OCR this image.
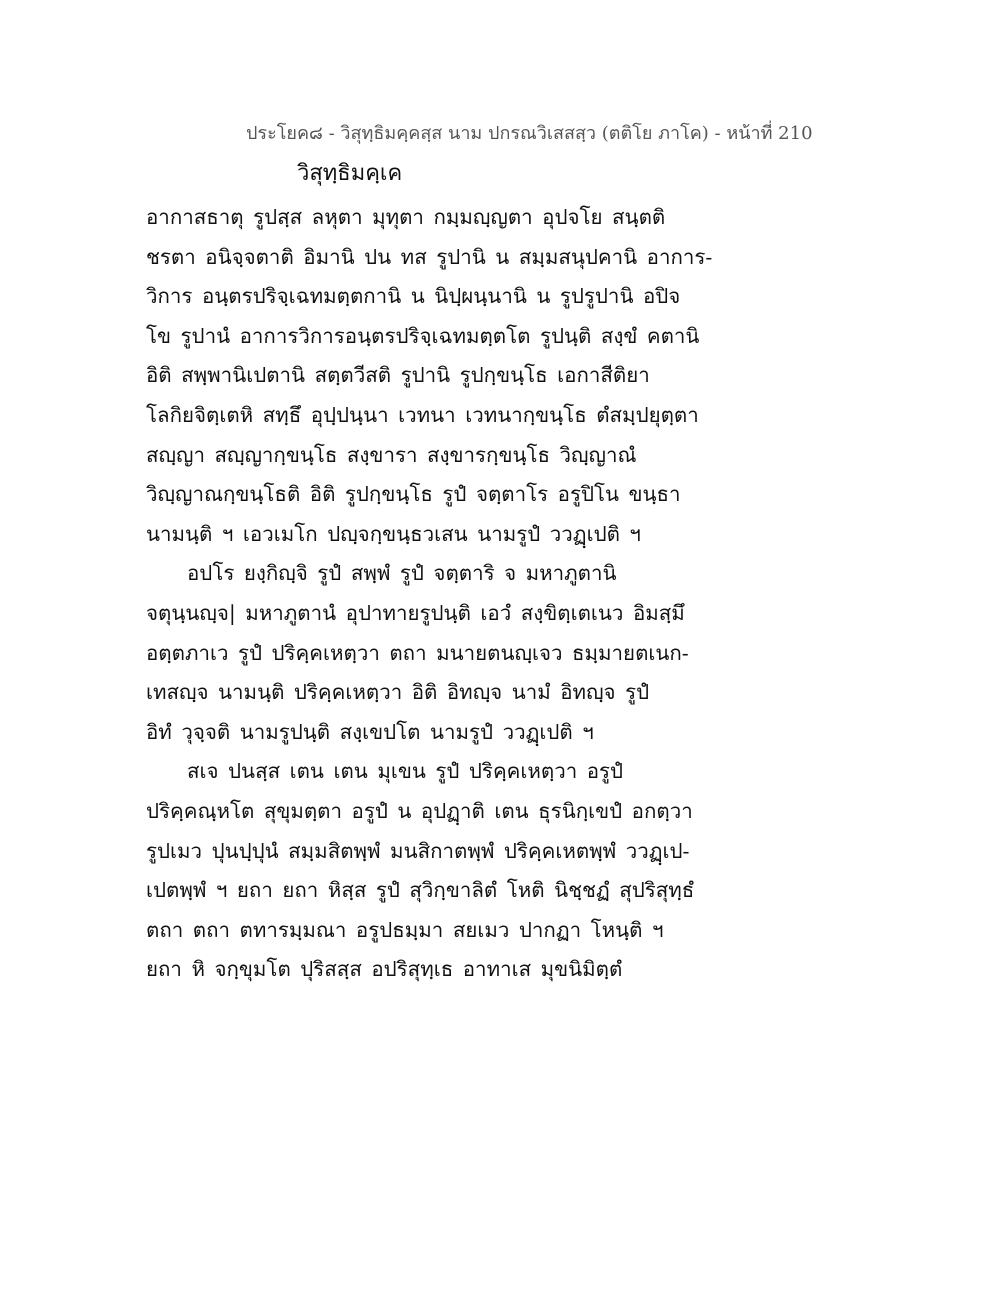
ประโยค๘ - วิสุทฺธิมคฺคสฺส นาม ปกรณวิเสสสฺว (ตติโย ภาโค) - หน้าที่ 210
วิสุทฺธิมคฺเค
อากาสธาตุ รูปสฺส ลหุตา มุทุตา กมฺมญฺญตา อุปจโย สนฺตติ
ชรตา อนิจฺจตาติ อิมานิ ปน ทส รูปานิ น สมฺมสนุปคานิ อาการ-
วิการ อนฺตรปริจฺเฉทมตฺตกานิ น นิปฺผนฺนานิ น รูปรูปานิ อปิจ
โข รูปานํ อาการวิการอนฺตรปริจฺเฉทมตฺตโต รูปนฺติ สงฺขํ คตานิ
อิติ สพฺพานิเปตานิ สตฺตวีสติ รูปานิ รูปกฺขนฺโธ เอกาสีติยา
โลกิยจิตฺเตหิ สทฺธึ อุปฺปนฺนา เวทนา เวทนากฺขนฺโธ ตํสมฺปยุตฺตา
สญฺญา สญฺญากฺขนฺโธ สงฺขารา สงฺขารกฺขนฺโธ วิญฺญาณํ
วิญฺญาณกฺขนฺโธติ อิติ รูปกฺขนฺโธ รูปํ จตฺตาโร อรูปิโน ขนฺธา
นามนฺติ ฯ เอวเมโก ปญฺจกฺขนฺธวเสน นามรูปํ ววฏฺเปติ ฯ
อปโร ยงฺกิญฺจิ รูปํ สพฺพํ รูปํ จตฺตาริ จ มหาภูตานิ
จตุนฺนญฺจ| มหาภูตานํ อุปาทายรูปนฺติ เอวํ สงฺขิตฺเตเนว อิมสฺมึ
อตฺตภาเว รูปํ ปริคฺคเหตฺวา ตถา มนายตนญฺเจว ธมฺมายตเนก-
เทสญฺจ นามนฺติ ปริคฺคเหตฺวา อิติ อิทญฺจ นามํ อิทญฺจ รูปํ
อิทํ วุจฺจติ นามรูปนฺติ สงฺเขปโต นามรูปํ ววฏฺเปติ ฯ
สเจ ปนสฺส เตน เตน มุเขน รูปํ ปริคฺคเหตฺวา อรูปํ
ปริคฺคณฺหโต สุขุมตฺตา อรูปํ น อุปฏฺาติ เตน ธุรนิกฺเขปํ อกตฺวา
รูปเมว ปุนปฺปุนํ สมฺมสิตพฺพํ มนสิกาตพฺพํ ปริคฺคเหตพฺพํ ววฏฺเป-
เปตพฺพํ ฯ ยถา ยถา หิสฺส รูปํ สุวิกฺขาลิตํ โหติ นิชฺชฏํ สุปริสุทฺธํ
ตถา ตถา ตทารมฺมณา อรูปธมฺมา สยเมว ปากฏา โหนฺติ ฯ
ยถา หิ จกฺขุมโต ปุริสสฺส อปริสุทฺเธ อาทาเส มุขนิมิตฺตํ
